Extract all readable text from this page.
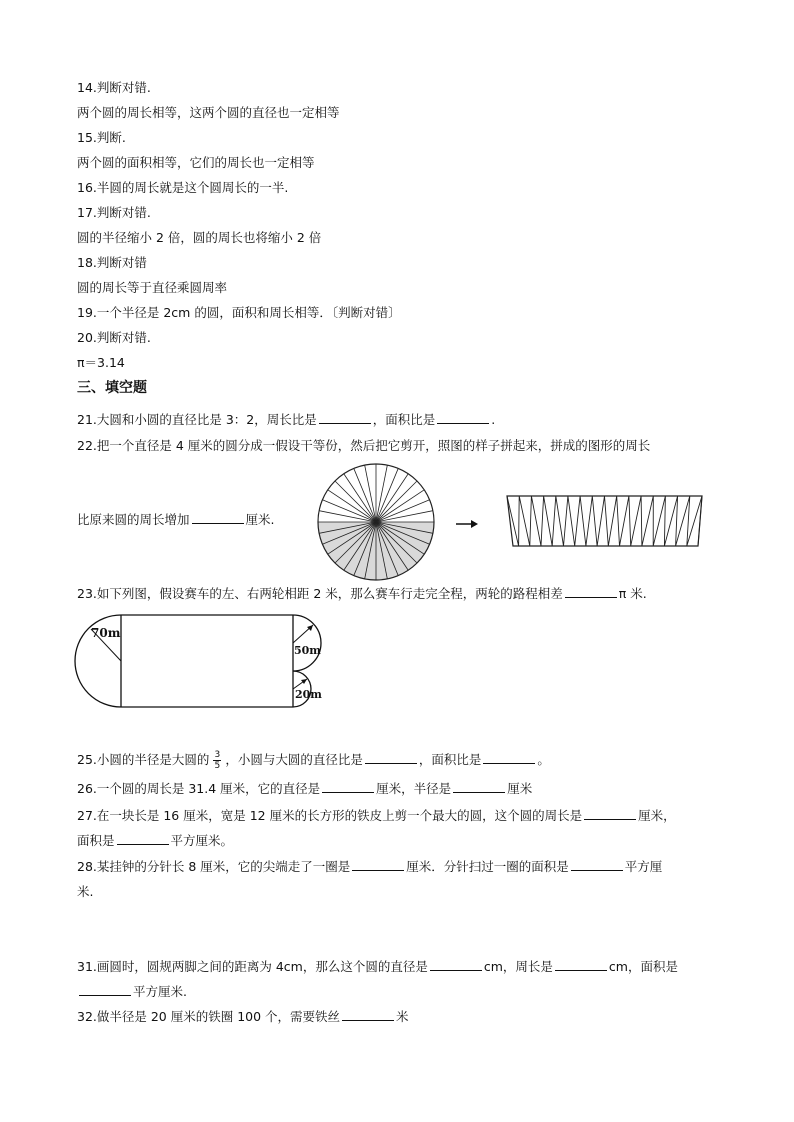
14.判断对错.
两个圆的周长相等，这两个圆的直径也一定相等
15.判断.
两个圆的面积相等，它们的周长也一定相等
16.半圆的周长就是这个圆周长的一半.
17.判断对错.
圆的半径缩小 2 倍，圆的周长也将缩小 2 倍
18.判断对错
圆的周长等于直径乘圆周率
19.一个半径是 2cm 的圆，面积和周长相等．〔判断对错〕
20.判断对错.
π＝3.14
三、填空题
21.大圆和小圆的直径比是 3：2，周长比是	，面积比是	.
22.把一个直径是 4 厘米的圆分成一假设干等份，然后把它剪开，照图的样子拼起来，拼成的图形的周长
比原来圆的周长增加	厘米.
23.如下列图，假设赛车的左、右两轮相距 2 米，那么赛车行走完全程，两轮的路程相差	π 米.
70m
50m
20m
25.小圆的半径是大圆的 $\frac{3}{5}$ ，小圆与大圆的直径比是	，面积比是	。
26.一个圆的周长是 31.4 厘米，它的直径是	厘米，半径是	厘米
27.在一块长是 16 厘米，宽是 12 厘米的长方形的铁皮上剪一个最大的圆，这个圆的周长是	厘米，
面积是	平方厘米。
28.某挂钟的分针长 8 厘米，它的尖端走了一圈是	厘米．分针扫过一圈的面积是	平方厘
米.
31.画圆时，圆规两脚之间的距离为 4cm，那么这个圆的直径是	cm，周长是	cm，面积是
平方厘米.
32.做半径是 20 厘米的铁圈 100 个，需要铁丝	米
